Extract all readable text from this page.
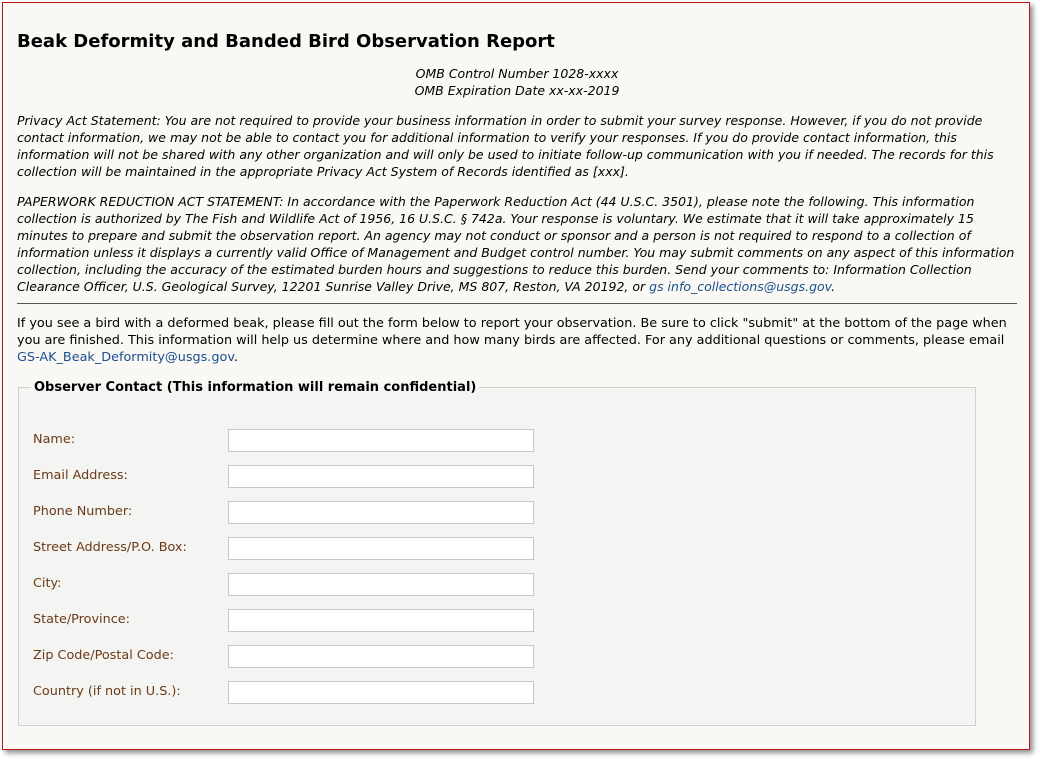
Beak Deformity and Banded Bird Observation Report
OMB Control Number 1028-xxxx
OMB Expiration Date xx-xx-2019

Privacy Act Statement: You are not required to provide your business information in order to submit your survey response. However, if you do not provide contact information, we may not be able to contact you for additional information to verify your responses. If you do provide contact information, this information will not be shared with any other organization and will only be used to initiate follow-up communication with you if needed. The records for this collection will be maintained in the appropriate Privacy Act System of Records identified as [xxx].

PAPERWORK REDUCTION ACT STATEMENT: In accordance with the Paperwork Reduction Act (44 U.S.C. 3501), please note the following. This information collection is authorized by The Fish and Wildlife Act of 1956, 16 U.S.C. § 742a. Your response is voluntary. We estimate that it will take approximately 15 minutes to prepare and submit the observation report. An agency may not conduct or sponsor and a person is not required to respond to a collection of information unless it displays a currently valid Office of Management and Budget control number. You may submit comments on any aspect of this information collection, including the accuracy of the estimated burden hours and suggestions to reduce this burden. Send your comments to: Information Collection Clearance Officer, U.S. Geological Survey, 12201 Sunrise Valley Drive, MS 807, Reston, VA 20192, or gs info_collections@usgs.gov.

If you see a bird with a deformed beak, please fill out the form below to report your observation. Be sure to click "submit" at the bottom of the page when you are finished. This information will help us determine where and how many birds are affected. For any additional questions or comments, please email GS-AK_Beak_Deformity@usgs.gov.

Observer Contact (This information will remain confidential)
Name:
Email Address:
Phone Number:
Street Address/P.O. Box:
City:
State/Province:
Zip Code/Postal Code:
Country (if not in U.S.):
